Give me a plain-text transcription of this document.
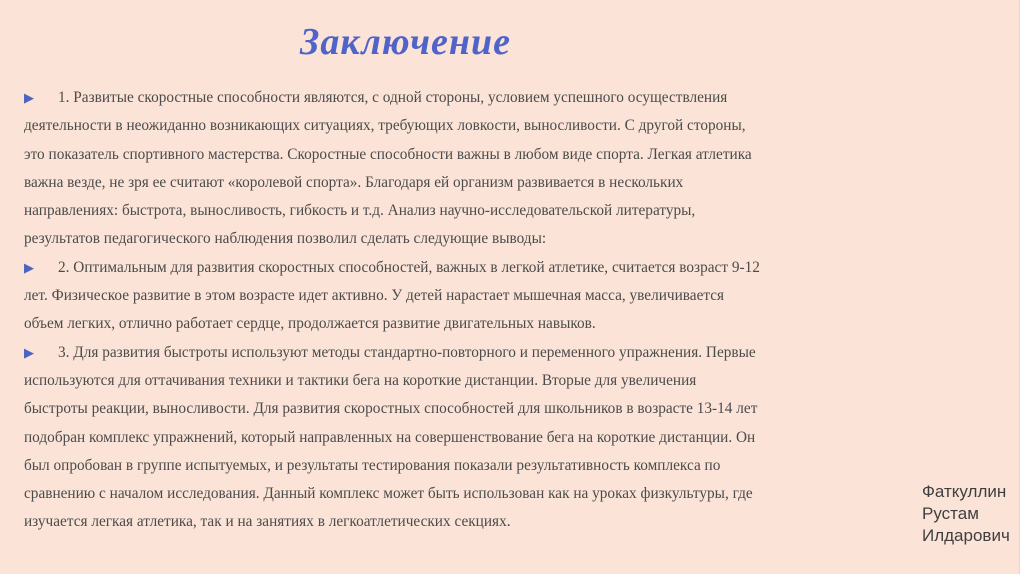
Заключение
▶	1. Развитые скоростные способности являются, с одной стороны, условием успешного осуществления
деятельности в неожиданно возникающих ситуациях, требующих ловкости, выносливости. С другой стороны,
это показатель спортивного мастерства. Скоростные способности важны в любом виде спорта. Легкая атлетика
важна везде, не зря ее считают «королевой спорта». Благодаря ей организм развивается в нескольких
направлениях: быстрота, выносливость, гибкость и т.д. Анализ научно-исследовательской литературы,
результатов педагогического наблюдения позволил сделать следующие выводы:
▶	2. Оптимальным для развития скоростных способностей, важных в легкой атлетике, считается возраст 9-12
лет. Физическое развитие в этом возрасте идет активно. У детей нарастает мышечная масса, увеличивается
объем легких, отлично работает сердце, продолжается развитие двигательных навыков.
▶	3. Для развития быстроты используют методы стандартно-повторного и переменного упражнения. Первые
используются для оттачивания техники и тактики бега на короткие дистанции. Вторые для увеличения
быстроты реакции, выносливости. Для развития скоростных способностей для школьников в возрасте 13-14 лет
подобран комплекс упражнений, который направленных на совершенствование бега на короткие дистанции. Он
был опробован в группе испытуемых, и результаты тестирования показали результативность комплекса по
сравнению с началом исследования. Данный комплекс может быть использован как на уроках физкультуры, где
изучается легкая атлетика, так и на занятиях в легкоатлетических секциях.
Фаткуллин
Рустам
Илдарович
